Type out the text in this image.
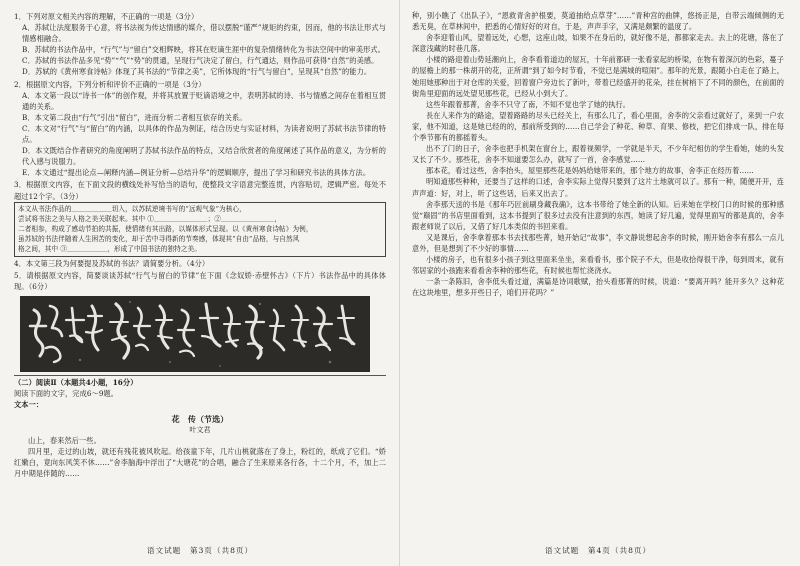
1．下列对原文相关内容的理解，不正确的一项是（3分）
A．苏轼让法度服务于心意，将书法视为传达情感的媒介，借以摆脱“谨严”规矩的约束，因而，他的书法让形式与情感相融合。
B．苏轼的书法作品中，“行气”与“留白”交相辉映，将其在贬谪生涯中的复杂情绪转化为书法空间中的审美形式。
C．苏轼的书法作品多见“势”“气”“势”的贯通，呈现行气决定了留白，行气通达，则作品可获得“自然”的美感。
D．苏轼的《黄州寒食诗帖》体现了其书法的“节律之美”，它所体现的“行气与留白”，呈现其“自然”的能力。
2．根据原文内容，下列分析和评价不正确的一项是（3分）
A．本文第一段以“诗书一体”的创作观，并将其放置于贬谪语境之中，表明苏轼的诗、书与情感之间存在着相互贯通的关系。
B．本文第二段由“行气”引出“留白”，进而分析二者相互依存的关系。
C．本文对“行气”与“留白”的内涵，以具体的作品为例证，结合历史与实证材料，为读者说明了苏轼书法节律的特点。
D．本文既结合作者研究的角度阐明了苏轼书法作品的特点，又结合欣赏者的角度阐述了其作品的意义，为分析的代入感与说服力。
E．本文通过“提出论点—阐释内涵—例证分析—总结升华”的逻辑顺序，提出了学习和研究书法的具体方法。
3．根据原文内容，在下面文段的横线处补写恰当的语句，使整段文字语意完整连贯，内容贴切，逻辑严密。每处不超过12个字。（3分）
本文从书法作品的＿＿＿＿＿＿切入，以苏轼逆境书写的“远观气象”为核心，
尝试将书法之美与人格之美关联起来。其中 ①＿＿＿＿＿＿＿＿；②＿＿＿＿＿＿＿＿，
二者相参，构成了感动节拍的共振，使情绪有其出路，以媒体形式呈现。以《黄州寒食诗帖》为例，
虽苏轼的书法伴随着人生困苦的变化，却于苦中寻得新的节奏感，体现其“自由”品格，与自然风
格之间，其中 ③＿＿＿＿＿＿，形成了中国书法的独特之美。
4．本文第三段为何要提及苏轼的书法？请简要分析。（4分）
5．请根据原文内容，简要谈谈苏轼“行气与留白的节律”在下面《念奴娇·赤壁怀古》（下片）书法作品中的具体体现。（6分）
（二）阅读Ⅱ（本题共4小题，16分）
阅读下面的文字，完成6～9题。
文本一：
花　传（节选）
叶文君
山上，春来然后一些。
四月里，走过的山坡，就还有残花被风吹起。给孩童下年，几片山桃就落在了身上，粉红的，纸成了它们。“娇红嫩白，竟向东风笑不休……”舍李脑海中浮出了“大塘花”的合唱，融合了生来原来各行各，十二个月，不，加上二月中期是伴随的……
语文试题　第3页（共8页）
种，别小瞧了《出队子》，“恩救青舍护根要，莫道抽给点草芽”……”青种宫的曲牌，悠扬正是，自带云端倾侧的无悉无臭，在草林间中，把悉的心情好好的对自，于是，声声手字，又满是颇繁的温度了。
舍李迎着山风，望着远处，心想，这座山坡，如果不在身后的，就好像不是，都都家走去。去上的花塘，落在了深意浅藏的时巷几落。
小楼的路迎着山势延潮向上，舍李看着道边的屋瓦，十年前都研一张看家起的桥梁，在物有着深沉的色彩，蔓子的屋檐上的那一株胡开的花，正所谓“到了如今时节看，不觉已是满城的喧闹”。那年的光景，跟随小白走在了路上，她用她那种出于对仓库的关爱，回着窗户旁边长了新叶，带着已经盛开的花朵，挂在树梢下了不同的颜色，在前面的街角里迎面的远处望见那些花，已经从小到大了。
这些年跟着那菁，舍李不只守了南，不知不觉也学了她的执行。
長在人来作为的路途，望着路路的尽头已经关上，有那么几了，看心里面，舍李的父亲看过就好了，来到一户农家，他不知道，这是她已经的的，那前所受到的……自己学会了种花、种草、育果、修枝，把它们排成一队，排在每个季节都有的都摇着头。
出不了门的日子，舍李也把手机架在窗台上，跟着视频学，一学就是半天，不少年纪相仿的学生看她，她的头发又长了不少。那些花，舍李不知道要怎么办，就写了一首，舍李感觉……
那本花，看过这些，舍李抬头，屋里那些花是妈妈给她带来的，那个地方的故事，舍李正在经历着……
明知道那些种种，还要当了这样的口述，舍李实际上觉得只要到了这片土地就可以了。那有一种，随便开开，连声声道：好，对上，听了这些话，后来又出去了。
舍李那天送的书是《那年巧匠前刷身藏我确》，这本书带给了她全新的认知。后来她在学校门口的时候的那种感觉“巅固”的书店里面看到，这本书提到了很多过去没有注意到的东西，她读了好几遍，觉得里面写的都是真的，舍李跟老师说了以后，又借了好几本类似的书回来看。
又是课后，舍李拿着那本书去找那些菁，她开始记“故事”，李文静说想起舍李的时候，刚开始舍李有那么一点儿意外，但是想到了不少好的事情……
小楼的房子，也有很多小孩子到这里面来坐坐，来看看书，那个院子不大，但是收拾得很干净，每到周末，就有邻居家的小孩跑来看看舍李种的那些花，有时候也帮忙浇浇水。
一条一条陈旧，舍李低头看过道，满篇是诗词歌赋，抬头看那菁的时候，说道：“要离开吗？能开多久？这种花在这块地里，想多开些日子，咱们开花吗？”
语文试题　第4页（共8页）
